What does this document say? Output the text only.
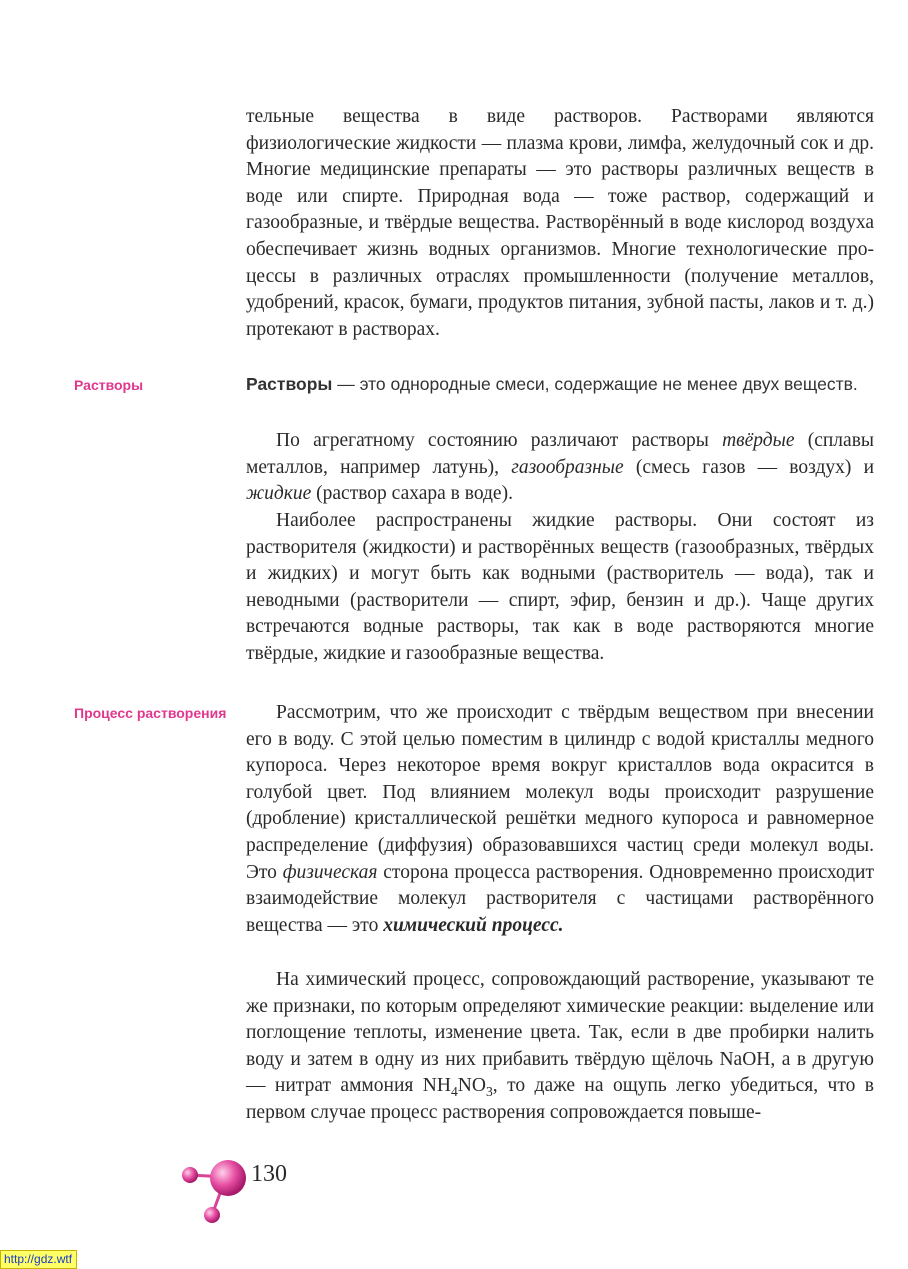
тельные вещества в виде растворов. Растворами являются физиологические жидкости — плазма крови, лимфа, желудочный сок и др. Многие медицинские препараты — это растворы различных веществ в воде или спирте. Природная вода — тоже раствор, содержащий и газообразные, и твёрдые вещества. Растворённый в воде кислород воздуха обеспечивает жизнь водных организмов. Многие технологические процессы в различных отраслях промышленности (получение металлов, удобрений, красок, бумаги, продуктов питания, зубной пасты, лаков и т. д.) протекают в растворах.

Растворы	Растворы — это однородные смеси, содержащие не менее двух веществ.

По агрегатному состоянию различают растворы твёрдые (сплавы металлов, например латунь), газообразные (смесь газов — воздух) и жидкие (раствор сахара в воде).

Наиболее распространены жидкие растворы. Они состоят из растворителя (жидкости) и растворённых веществ (газообразных, твёрдых и жидких) и могут быть как водными (растворитель — вода), так и неводными (растворители — спирт, эфир, бензин и др.). Чаще других встречаются водные растворы, так как в воде растворяются многие твёрдые, жидкие и газообразные вещества.

Процесс растворения	Рассмотрим, что же происходит с твёрдым веществом при внесении его в воду. С этой целью поместим в цилиндр с водой кристаллы медного купороса. Через некоторое время вокруг кристаллов вода окрасится в голубой цвет. Под влиянием молекул воды происходит разрушение (дробление) кристаллической решётки медного купороса и равномерное распределение (диффузия) образовавшихся частиц среди молекул воды. Это физическая сторона процесса растворения. Одновременно происходит взаимодействие молекул растворителя с частицами растворённого вещества — это химический процесс.

На химический процесс, сопровождающий растворение, указывают те же признаки, по которым определяют химические реакции: выделение или поглощение теплоты, изменение цвета. Так, если в две пробирки налить воду и затем в одну из них прибавить твёрдую щёлочь NaOH, а в другую — нитрат аммония $NH_4NO_3$, то даже на ощупь легко убедиться, что в первом случае процесс растворения сопровождается повыше-

130
http://gdz.wtf
